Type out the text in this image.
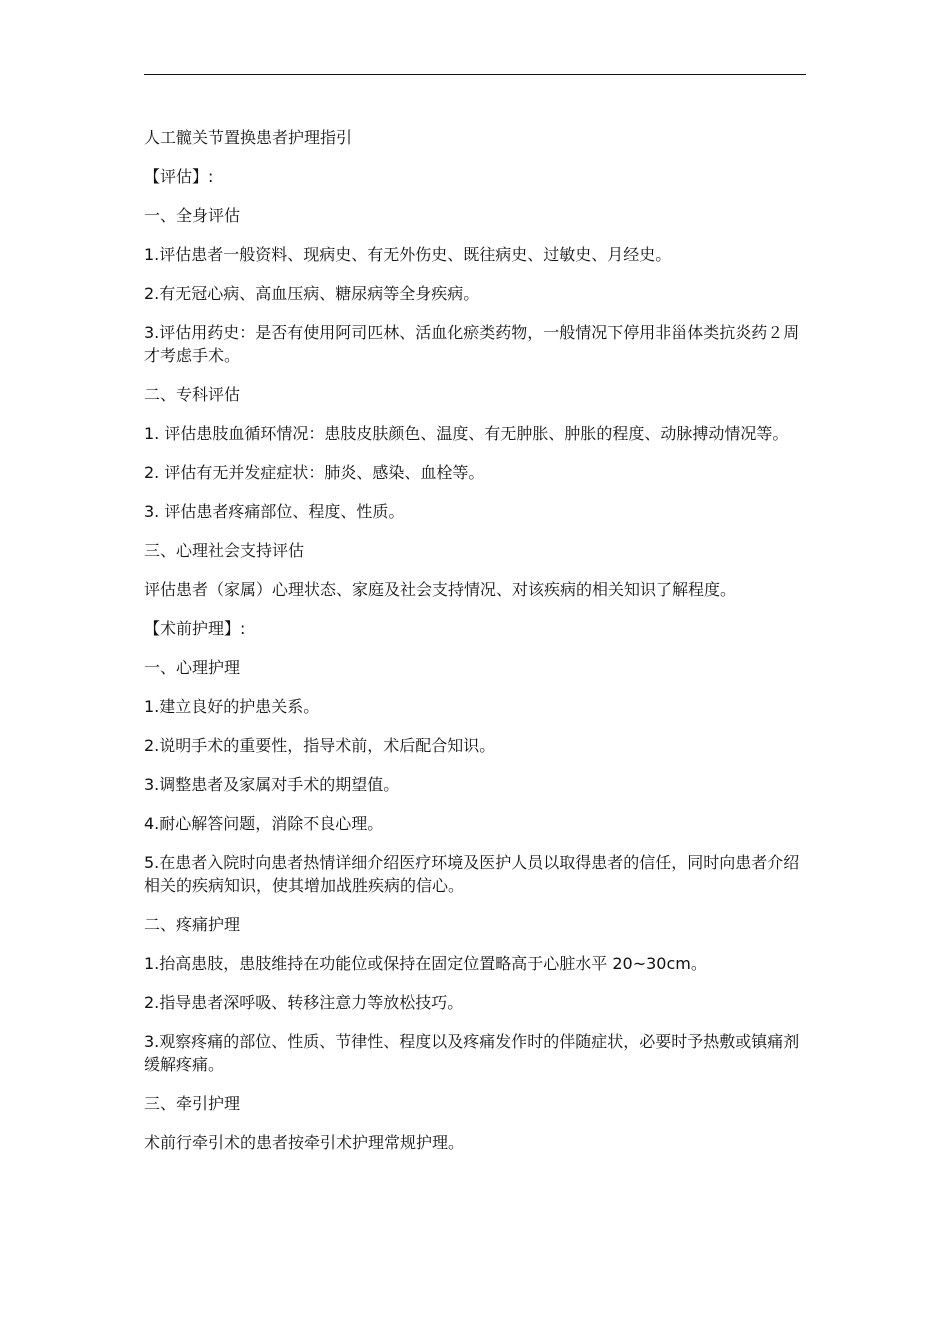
人工髋关节置换患者护理指引

【评估】:

一、全身评估

1.评估患者一般资料、现病史、有无外伤史、既往病史、过敏史、月经史。

2.有无冠心病、高血压病、糖尿病等全身疾病。

3.评估用药史：是否有使用阿司匹林、活血化瘀类药物，一般情况下停用非甾体类抗炎药２周才考虑手术。

二、专科评估

1. 评估患肢血循环情况：患肢皮肤颜色、温度、有无肿胀、肿胀的程度、动脉搏动情况等。

2. 评估有无并发症症状：肺炎、感染、血栓等。

3. 评估患者疼痛部位、程度、性质。

三、心理社会支持评估

评估患者（家属）心理状态、家庭及社会支持情况、对该疾病的相关知识了解程度。

【术前护理】:

一、心理护理

1.建立良好的护患关系。

2.说明手术的重要性，指导术前，术后配合知识。

3.调整患者及家属对手术的期望值。

4.耐心解答问题，消除不良心理。

5.在患者入院时向患者热情详细介绍医疗环境及医护人员以取得患者的信任，同时向患者介绍相关的疾病知识，使其增加战胜疾病的信心。

二、疼痛护理

1.抬高患肢，患肢维持在功能位或保持在固定位置略高于心脏水平 20~30cm。

2.指导患者深呼吸、转移注意力等放松技巧。

3.观察疼痛的部位、性质、节律性、程度以及疼痛发作时的伴随症状，必要时予热敷或镇痛剂缓解疼痛。

三、牵引护理

术前行牵引术的患者按牵引术护理常规护理。
